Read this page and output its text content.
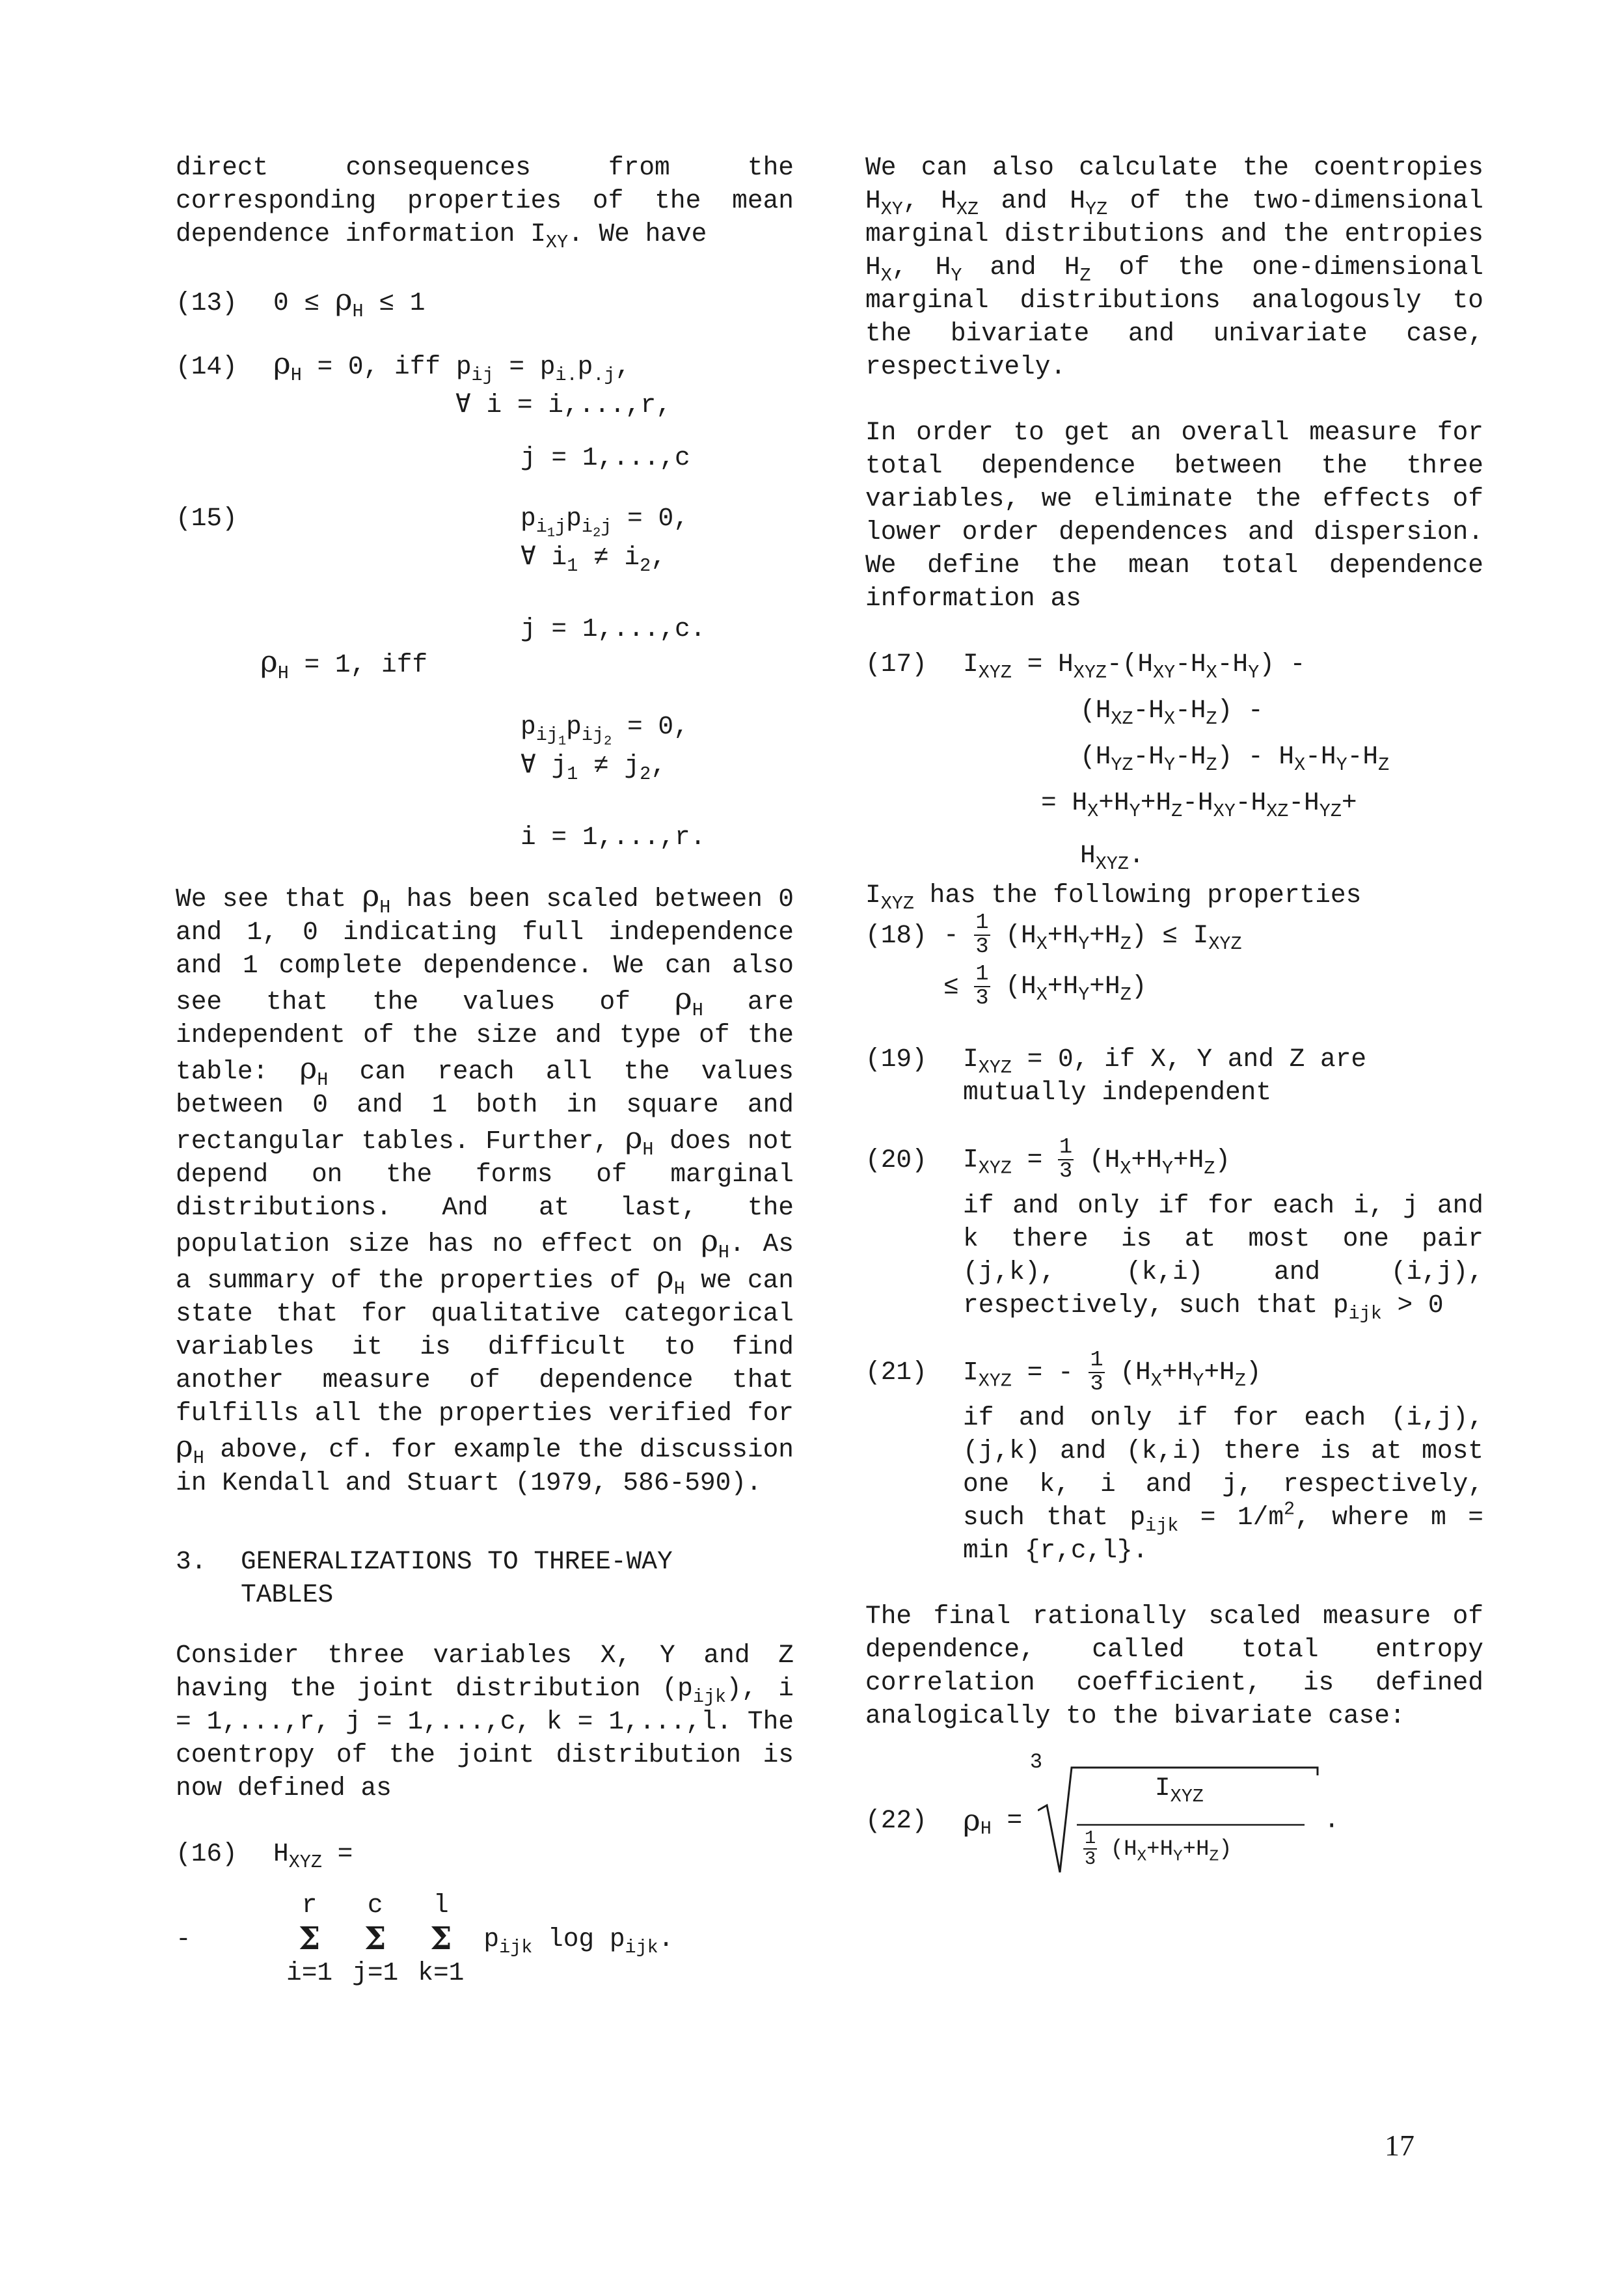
direct consequences from the corresponding properties of the mean dependence information $I_{XY}$. We have

(13) $0 \le \rho_H \le 1$
(14) $\rho_H = 0$, iff $p_{ij} = p_{i.}p_{.j}$,
∀ i = i,...,r,
j = 1,...,c
(15)	$p_{i_1j}p_{i_2j} = 0$,
∀ $i_1 \ne i_2$,
j = 1,...,c.
$\rho_H = 1$, iff
$p_{ij_1}p_{ij_2} = 0$,
∀ $j_1 \ne j_2$,
i = 1,...,r.

We see that $\rho_H$ has been scaled between 0 and 1, 0 indicating full independence and 1 complete dependence. We can also see that the values of $\rho_H$ are independent of the size and type of the table: $\rho_H$ can reach all the values between 0 and 1 both in square and rectangular tables. Further, $\rho_H$ does not depend on the forms of marginal distributions. And at last, the population size has no effect on $\rho_H$. As a summary of the properties of $\rho_H$ we can state that for qualitative categorical variables it is difficult to find another measure of dependence that fulfills all the properties verified for $\rho_H$ above, cf. for example the discussion in Kendall and Stuart (1979, 586-590).

3. GENERALIZATIONS TO THREE-WAY
TABLES

Consider three variables X, Y and Z having the joint distribution $(p_{ijk})$, i = 1,...,r, j = 1,...,c, k = 1,...,l. The coentropy of the joint distribution is now defined as

(16) $H_{XYZ}$ =
-
r
Σ
i=1
c
Σ
j=1
l
Σ
k=1
$p_{ijk}$ $\log p_{ijk}$.

We can also calculate the coentropies $H_{XY}$, $H_{XZ}$ and $H_{YZ}$ of the two-dimensional marginal distributions and the entropies $H_X$, $H_Y$ and $H_Z$ of the one-dimensional marginal distributions analogously to the bivariate and univariate case, respectively.

In order to get an overall measure for total dependence between the three variables, we eliminate the effects of lower order dependences and dispersion. We define the mean total dependence information as

(17) $I_{XYZ} = H_{XYZ}-(H_{XY}-H_X-H_Y)$ -
$(H_{XZ}-H_X-H_Z)$ -
$(H_{YZ}-H_Y-H_Z) - H_X-H_Y-H_Z$
= $H_X+H_Y+H_Z-H_{XY}-H_{XZ}-H_{YZ}+$
$H_{XYZ}$.
$I_{XYZ}$ has the following properties
$(18) - \frac{1}{3} (H_X+H_Y+H_Z) \le I_{XYZ}$
≤ $\frac{1}{3} (H_X+H_Y+H_Z)$
(19) $I_{XYZ} = 0$, if X, Y and Z are
mutually independent
(20) $I_{XYZ} = \frac{1}{3} (H_X+H_Y+H_Z)$

if and only if for each i, j and k there is at most one pair (j,k), (k,i) and (i,j), respectively, such that $p_{ijk} > 0$

(21) $I_{XYZ}$ = - $\frac{1}{3} (H_X+H_Y+H_Z)$

if and only if for each (i,j), (j,k) and (k,i) there is at most one k, i and j, respectively, such that $p_{ijk} = 1/m^2$, where m = min {r,c,l}.

The final rationally scaled measure of dependence, called total entropy correlation coefficient, is defined analogically to the bivariate case:

(22) $\rho_H$ =
3
$I_{XYZ}$
$\frac{1}{3} (H_X+H_Y+H_Z)$
.
17
